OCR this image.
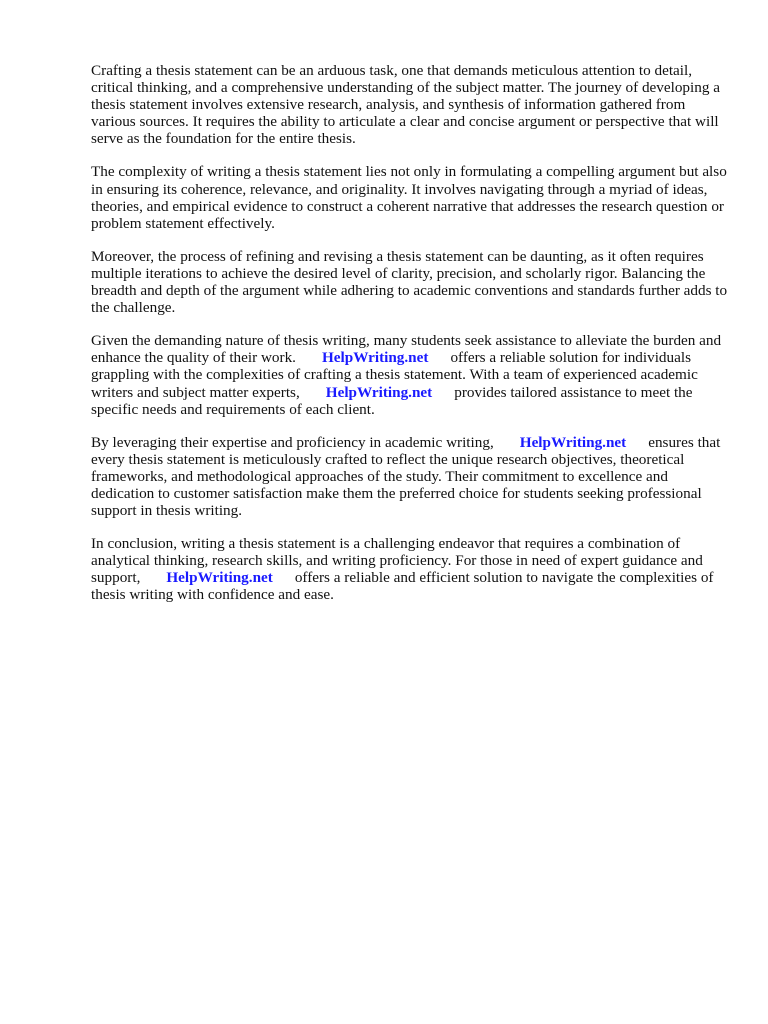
Crafting a thesis statement can be an arduous task, one that demands meticulous attention to detail, critical thinking, and a comprehensive understanding of the subject matter. The journey of developing a thesis statement involves extensive research, analysis, and synthesis of information gathered from various sources. It requires the ability to articulate a clear and concise argument or perspective that will serve as the foundation for the entire thesis.

The complexity of writing a thesis statement lies not only in formulating a compelling argument but also in ensuring its coherence, relevance, and originality. It involves navigating through a myriad of ideas, theories, and empirical evidence to construct a coherent narrative that addresses the research question or problem statement effectively.

Moreover, the process of refining and revising a thesis statement can be daunting, as it often requires multiple iterations to achieve the desired level of clarity, precision, and scholarly rigor. Balancing the breadth and depth of the argument while adhering to academic conventions and standards further adds to the challenge.

Given the demanding nature of thesis writing, many students seek assistance to alleviate the burden and enhance the quality of their work. HelpWriting.net offers a reliable solution for individuals grappling with the complexities of crafting a thesis statement. With a team of experienced academic writers and subject matter experts, HelpWriting.net provides tailored assistance to meet the specific needs and requirements of each client.

By leveraging their expertise and proficiency in academic writing, HelpWriting.net ensures that every thesis statement is meticulously crafted to reflect the unique research objectives, theoretical frameworks, and methodological approaches of the study. Their commitment to excellence and dedication to customer satisfaction make them the preferred choice for students seeking professional support in thesis writing.

In conclusion, writing a thesis statement is a challenging endeavor that requires a combination of analytical thinking, research skills, and writing proficiency. For those in need of expert guidance and support, HelpWriting.net offers a reliable and efficient solution to navigate the complexities of thesis writing with confidence and ease.
